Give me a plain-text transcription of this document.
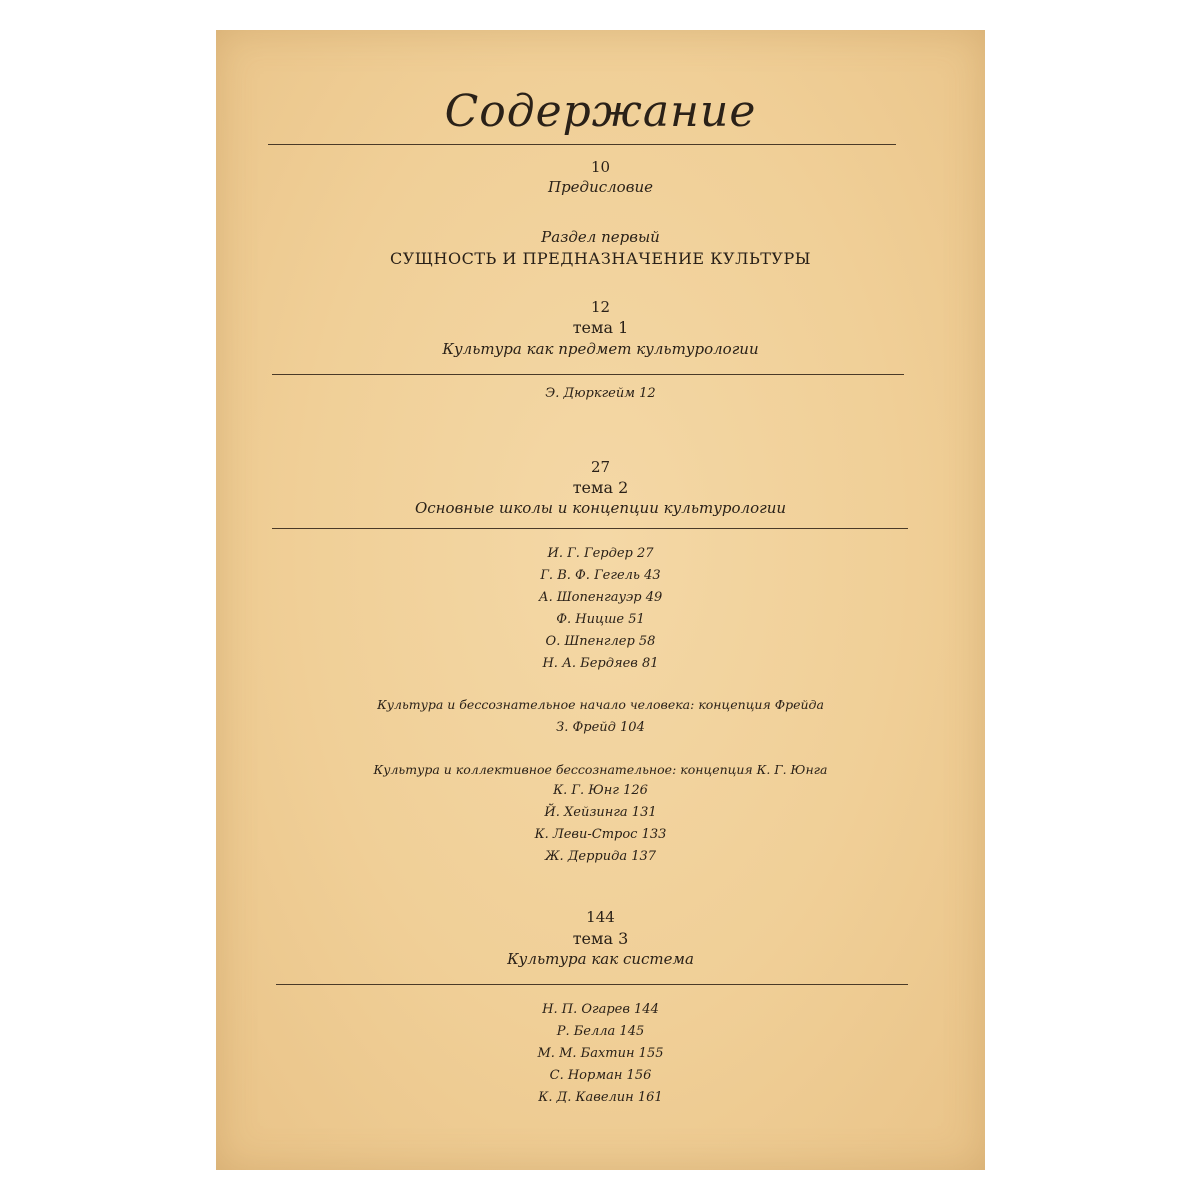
Содержание
10
Предисловие
Раздел первый
СУЩНОСТЬ И ПРЕДНАЗНАЧЕНИЕ КУЛЬТУРЫ
12
тема 1
Культура как предмет культурологии
Э. Дюркгейм 12
27
тема 2
Основные школы и концепции культурологии
И. Г. Гердер 27
Г. В. Ф. Гегель 43
А. Шопенгауэр 49
Ф. Ницше 51
О. Шпенглер 58
Н. А. Бердяев 81
Культура и бессознательное начало человека: концепция Фрейда
З. Фрейд 104
Культура и коллективное бессознательное: концепция К. Г. Юнга
К. Г. Юнг 126
Й. Хейзинга 131
К. Леви-Строс 133
Ж. Деррида 137
144
тема 3
Культура как система
Н. П. Огарев 144
Р. Белла 145
М. М. Бахтин 155
С. Норман 156
К. Д. Кавелин 161
